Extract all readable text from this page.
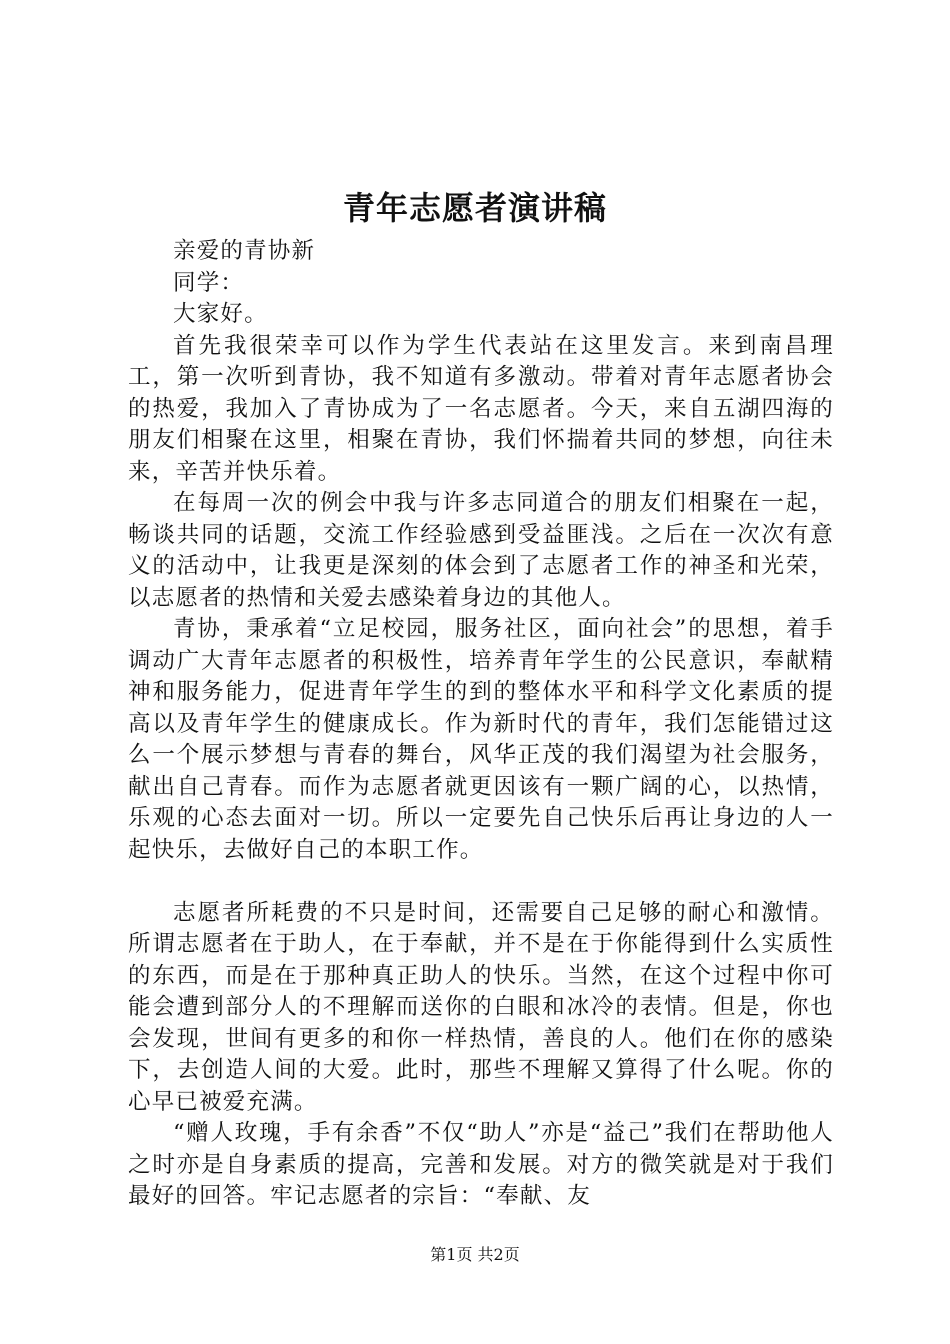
青年志愿者演讲稿

亲爱的青协新

同学：

大家好。

首先我很荣幸可以作为学生代表站在这里发言。来到南昌理工，第一次听到青协，我不知道有多激动。带着对青年志愿者协会的热爱，我加入了青协成为了一名志愿者。今天，来自五湖四海的朋友们相聚在这里，相聚在青协，我们怀揣着共同的梦想，向往未来，辛苦并快乐着。

在每周一次的例会中我与许多志同道合的朋友们相聚在一起，畅谈共同的话题，交流工作经验感到受益匪浅。之后在一次次有意义的活动中，让我更是深刻的体会到了志愿者工作的神圣和光荣，以志愿者的热情和关爱去感染着身边的其他人。

青协，秉承着“立足校园，服务社区，面向社会”的思想，着手调动广大青年志愿者的积极性，培养青年学生的公民意识，奉献精神和服务能力，促进青年学生的到的整体水平和科学文化素质的提高以及青年学生的健康成长。作为新时代的青年，我们怎能错过这么一个展示梦想与青春的舞台，风华正茂的我们渴望为社会服务，献出自己青春。而作为志愿者就更因该有一颗广阔的心，以热情，乐观的心态去面对一切。所以一定要先自己快乐后再让身边的人一起快乐，去做好自己的本职工作。

志愿者所耗费的不只是时间，还需要自己足够的耐心和激情。所谓志愿者在于助人，在于奉献，并不是在于你能得到什么实质性的东西，而是在于那种真正助人的快乐。当然，在这个过程中你可能会遭到部分人的不理解而送你的白眼和冰冷的表情。但是，你也会发现，世间有更多的和你一样热情，善良的人。他们在你的感染下，去创造人间的大爱。此时，那些不理解又算得了什么呢。你的心早已被爱充满。

“赠人玫瑰，手有余香”不仅“助人”亦是“益己”我们在帮助他人之时亦是自身素质的提高，完善和发展。对方的微笑就是对于我们最好的回答。牢记志愿者的宗旨：“奉献、友

第1页 共2页
